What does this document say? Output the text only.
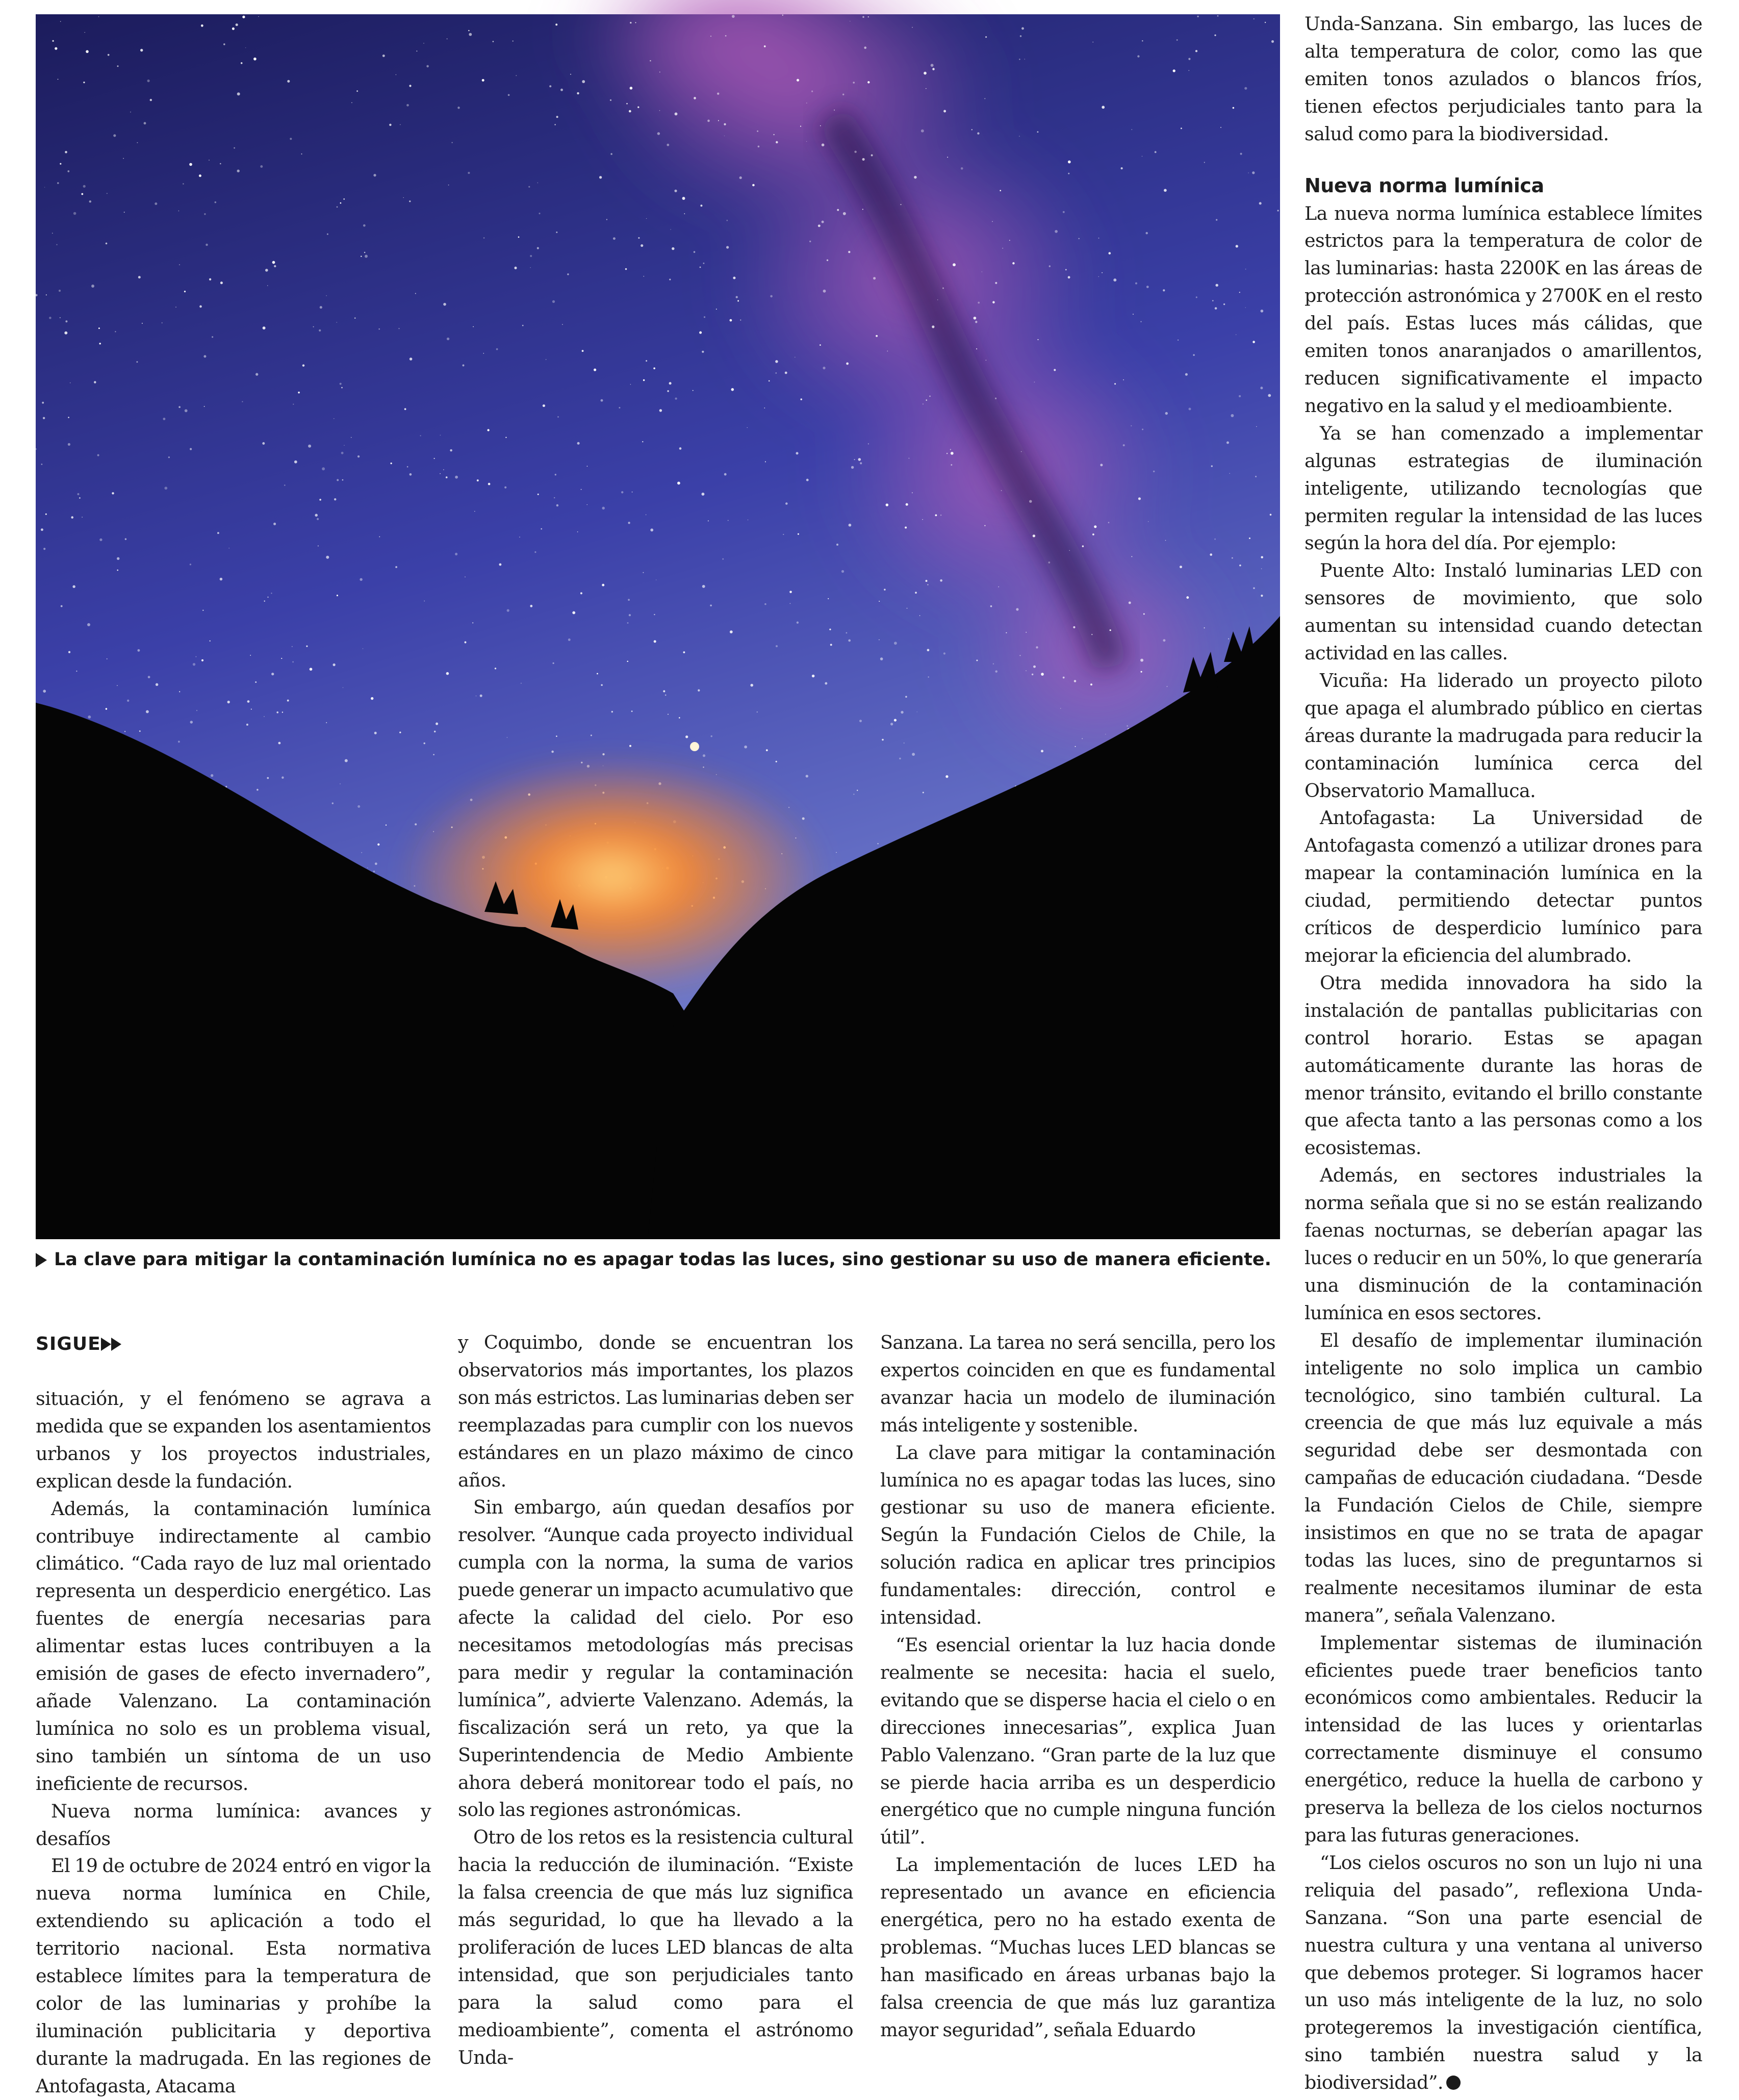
La clave para mitigar la contaminación lumínica no es apagar todas las luces, sino gestionar su uso de manera eficiente.
SIGUE

situación, y el fenómeno se agrava a medida que se expanden los asentamientos urbanos y los proyectos industriales, explican desde la fundación.

Además, la contaminación lumínica contribuye indirectamente al cambio climático. “Cada rayo de luz mal orientado representa un desperdicio energético. Las fuentes de energía necesarias para alimentar estas luces contribuyen a la emisión de gases de efecto invernadero”, añade Valenzano. La contaminación lumínica no solo es un problema visual, sino también un síntoma de un uso ineficiente de recursos.

Nueva norma lumínica: avances y desafíos

El 19 de octubre de 2024 entró en vigor la nueva norma lumínica en Chile, extendiendo su aplicación a todo el territorio nacional. Esta normativa establece límites para la temperatura de color de las luminarias y prohíbe la iluminación publicitaria y deportiva durante la madrugada. En las regiones de Antofagasta, Atacama

y Coquimbo, donde se encuentran los observatorios más importantes, los plazos son más estrictos. Las luminarias deben ser reemplazadas para cumplir con los nuevos estándares en un plazo máximo de cinco años.

Sin embargo, aún quedan desafíos por resolver. “Aunque cada proyecto individual cumpla con la norma, la suma de varios puede generar un impacto acumulativo que afecte la calidad del cielo. Por eso necesitamos metodologías más precisas para medir y regular la contaminación lumínica”, advierte Valenzano. Además, la fiscalización será un reto, ya que la Superintendencia de Medio Ambiente ahora deberá monitorear todo el país, no solo las regiones astronómicas.

Otro de los retos es la resistencia cultural hacia la reducción de iluminación. “Existe la falsa creencia de que más luz significa más seguridad, lo que ha llevado a la proliferación de luces LED blancas de alta intensidad, que son perjudiciales tanto para la salud como para el medioambiente”, comenta el astrónomo Unda-

Sanzana. La tarea no será sencilla, pero los expertos coinciden en que es fundamental avanzar hacia un modelo de iluminación más inteligente y sostenible.

La clave para mitigar la contaminación lumínica no es apagar todas las luces, sino gestionar su uso de manera eficiente. Según la Fundación Cielos de Chile, la solución radica en aplicar tres principios fundamentales: dirección, control e intensidad.

“Es esencial orientar la luz hacia donde realmente se necesita: hacia el suelo, evitando que se disperse hacia el cielo o en direcciones innecesarias”, explica Juan Pablo Valenzano. “Gran parte de la luz que se pierde hacia arriba es un desperdicio energético que no cumple ninguna función útil”.

La implementación de luces LED ha representado un avance en eficiencia energética, pero no ha estado exenta de problemas. “Muchas luces LED blancas se han masificado en áreas urbanas bajo la falsa creencia de que más luz garantiza mayor seguridad”, señala Eduardo

Unda-Sanzana. Sin embargo, las luces de alta temperatura de color, como las que emiten tonos azulados o blancos fríos, tienen efectos perjudiciales tanto para la salud como para la biodiversidad.

Nueva norma lumínica

La nueva norma lumínica establece límites estrictos para la temperatura de color de las luminarias: hasta 2200K en las áreas de protección astronómica y 2700K en el resto del país. Estas luces más cálidas, que emiten tonos anaranjados o amarillentos, reducen significativamente el impacto negativo en la salud y el medioambiente.

Ya se han comenzado a implementar algunas estrategias de iluminación inteligente, utilizando tecnologías que permiten regular la intensidad de las luces según la hora del día. Por ejemplo:

Puente Alto: Instaló luminarias LED con sensores de movimiento, que solo aumentan su intensidad cuando detectan actividad en las calles.

Vicuña: Ha liderado un proyecto piloto que apaga el alumbrado público en ciertas áreas durante la madrugada para reducir la contaminación lumínica cerca del Observatorio Mamalluca.

Antofagasta: La Universidad de Antofagasta comenzó a utilizar drones para mapear la contaminación lumínica en la ciudad, permitiendo detectar puntos críticos de desperdicio lumínico para mejorar la eficiencia del alumbrado.

Otra medida innovadora ha sido la instalación de pantallas publicitarias con control horario. Estas se apagan automáticamente durante las horas de menor tránsito, evitando el brillo constante que afecta tanto a las personas como a los ecosistemas.

Además, en sectores industriales la norma señala que si no se están realizando faenas nocturnas, se deberían apagar las luces o reducir en un 50%, lo que generaría una disminución de la contaminación lumínica en esos sectores.

El desafío de implementar iluminación inteligente no solo implica un cambio tecnológico, sino también cultural. La creencia de que más luz equivale a más seguridad debe ser desmontada con campañas de educación ciudadana. “Desde la Fundación Cielos de Chile, siempre insistimos en que no se trata de apagar todas las luces, sino de preguntarnos si realmente necesitamos iluminar de esta manera”, señala Valenzano.

Implementar sistemas de iluminación eficientes puede traer beneficios tanto económicos como ambientales. Reducir la intensidad de las luces y orientarlas correctamente disminuye el consumo energético, reduce la huella de carbono y preserva la belleza de los cielos nocturnos para las futuras generaciones.

“Los cielos oscuros no son un lujo ni una reliquia del pasado”, reflexiona Unda-Sanzana. “Son una parte esencial de nuestra cultura y una ventana al universo que debemos proteger. Si logramos hacer un uso más inteligente de la luz, no solo protegeremos la investigación científica, sino también nuestra salud y la biodiversidad”.
